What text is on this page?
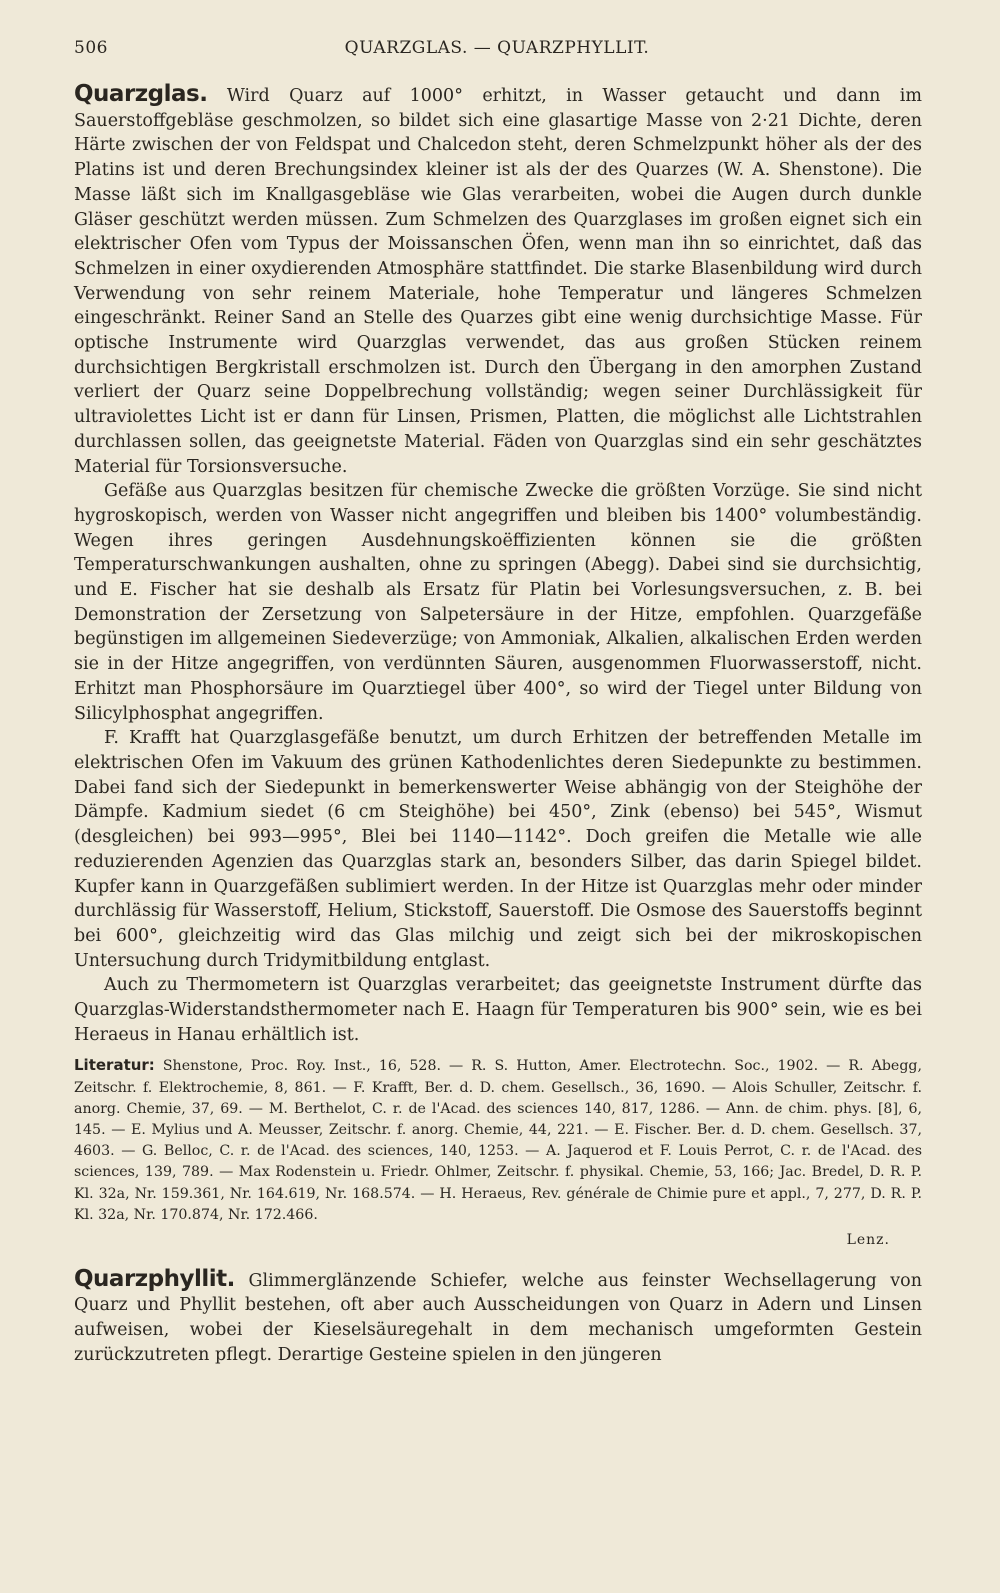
506	QUARZGLAS. — QUARZPHYLLIT.

Quarzglas. Wird Quarz auf 1000° erhitzt, in Wasser getaucht und dann im Sauerstoffgebläse geschmolzen, so bildet sich eine glasartige Masse von 2·21 Dichte, deren Härte zwischen der von Feldspat und Chalcedon steht, deren Schmelzpunkt höher als der des Platins ist und deren Brechungsindex kleiner ist als der des Quarzes (W. A. Shenstone). Die Masse läßt sich im Knallgasgebläse wie Glas verarbeiten, wobei die Augen durch dunkle Gläser geschützt werden müssen. Zum Schmelzen des Quarzglases im großen eignet sich ein elektrischer Ofen vom Typus der Moissanschen Öfen, wenn man ihn so einrichtet, daß das Schmelzen in einer oxydierenden Atmosphäre stattfindet. Die starke Blasenbildung wird durch Verwendung von sehr reinem Materiale, hohe Temperatur und längeres Schmelzen eingeschränkt. Reiner Sand an Stelle des Quarzes gibt eine wenig durchsichtige Masse. Für optische Instrumente wird Quarzglas verwendet, das aus großen Stücken reinem durchsichtigen Bergkristall erschmolzen ist. Durch den Übergang in den amorphen Zustand verliert der Quarz seine Doppelbrechung vollständig; wegen seiner Durchlässigkeit für ultraviolettes Licht ist er dann für Linsen, Prismen, Platten, die möglichst alle Lichtstrahlen durchlassen sollen, das geeignetste Material. Fäden von Quarzglas sind ein sehr geschätztes Material für Torsionsversuche.

Gefäße aus Quarzglas besitzen für chemische Zwecke die größten Vorzüge. Sie sind nicht hygroskopisch, werden von Wasser nicht angegriffen und bleiben bis 1400° volumbeständig. Wegen ihres geringen Ausdehnungskoëffizienten können sie die größten Temperaturschwankungen aushalten, ohne zu springen (Abegg). Dabei sind sie durchsichtig, und E. Fischer hat sie deshalb als Ersatz für Platin bei Vorlesungsversuchen, z. B. bei Demonstration der Zersetzung von Salpetersäure in der Hitze, empfohlen. Quarzgefäße begünstigen im allgemeinen Siedeverzüge; von Ammoniak, Alkalien, alkalischen Erden werden sie in der Hitze angegriffen, von verdünnten Säuren, ausgenommen Fluorwasserstoff, nicht. Erhitzt man Phosphorsäure im Quarztiegel über 400°, so wird der Tiegel unter Bildung von Silicylphosphat angegriffen.

F. Krafft hat Quarzglasgefäße benutzt, um durch Erhitzen der betreffenden Metalle im elektrischen Ofen im Vakuum des grünen Kathodenlichtes deren Siedepunkte zu bestimmen. Dabei fand sich der Siedepunkt in bemerkenswerter Weise abhängig von der Steighöhe der Dämpfe. Kadmium siedet (6 cm Steighöhe) bei 450°, Zink (ebenso) bei 545°, Wismut (desgleichen) bei 993—995°, Blei bei 1140—1142°. Doch greifen die Metalle wie alle reduzierenden Agenzien das Quarzglas stark an, besonders Silber, das darin Spiegel bildet. Kupfer kann in Quarzgefäßen sublimiert werden. In der Hitze ist Quarzglas mehr oder minder durchlässig für Wasserstoff, Helium, Stickstoff, Sauerstoff. Die Osmose des Sauerstoffs beginnt bei 600°, gleichzeitig wird das Glas milchig und zeigt sich bei der mikroskopischen Untersuchung durch Tridymitbildung entglast.

Auch zu Thermometern ist Quarzglas verarbeitet; das geeignetste Instrument dürfte das Quarzglas-Widerstandsthermometer nach E. Haagn für Temperaturen bis 900° sein, wie es bei Heraeus in Hanau erhältlich ist.

Literatur: Shenstone, Proc. Roy. Inst., 16, 528. — R. S. Hutton, Amer. Electrotechn. Soc., 1902. — R. Abegg, Zeitschr. f. Elektrochemie, 8, 861. — F. Krafft, Ber. d. D. chem. Gesellsch., 36, 1690. — Alois Schuller, Zeitschr. f. anorg. Chemie, 37, 69. — M. Berthelot, C. r. de l'Acad. des sciences 140, 817, 1286. — Ann. de chim. phys. [8], 6, 145. — E. Mylius und A. Meusser, Zeitschr. f. anorg. Chemie, 44, 221. — E. Fischer. Ber. d. D. chem. Gesellsch. 37, 4603. — G. Belloc, C. r. de l'Acad. des sciences, 140, 1253. — A. Jaquerod et F. Louis Perrot, C. r. de l'Acad. des sciences, 139, 789. — Max Rodenstein u. Friedr. Ohlmer, Zeitschr. f. physikal. Chemie, 53, 166; Jac. Bredel, D. R. P. Kl. 32a, Nr. 159.361, Nr. 164.619, Nr. 168.574. — H. Heraeus, Rev. générale de Chimie pure et appl., 7, 277, D. R. P. Kl. 32a, Nr. 170.874, Nr. 172.466.
Lenz.

Quarzphyllit. Glimmerglänzende Schiefer, welche aus feinster Wechsellagerung von Quarz und Phyllit bestehen, oft aber auch Ausscheidungen von Quarz in Adern und Linsen aufweisen, wobei der Kieselsäuregehalt in dem mechanisch umgeformten Gestein zurückzutreten pflegt. Derartige Gesteine spielen in den jüngeren
